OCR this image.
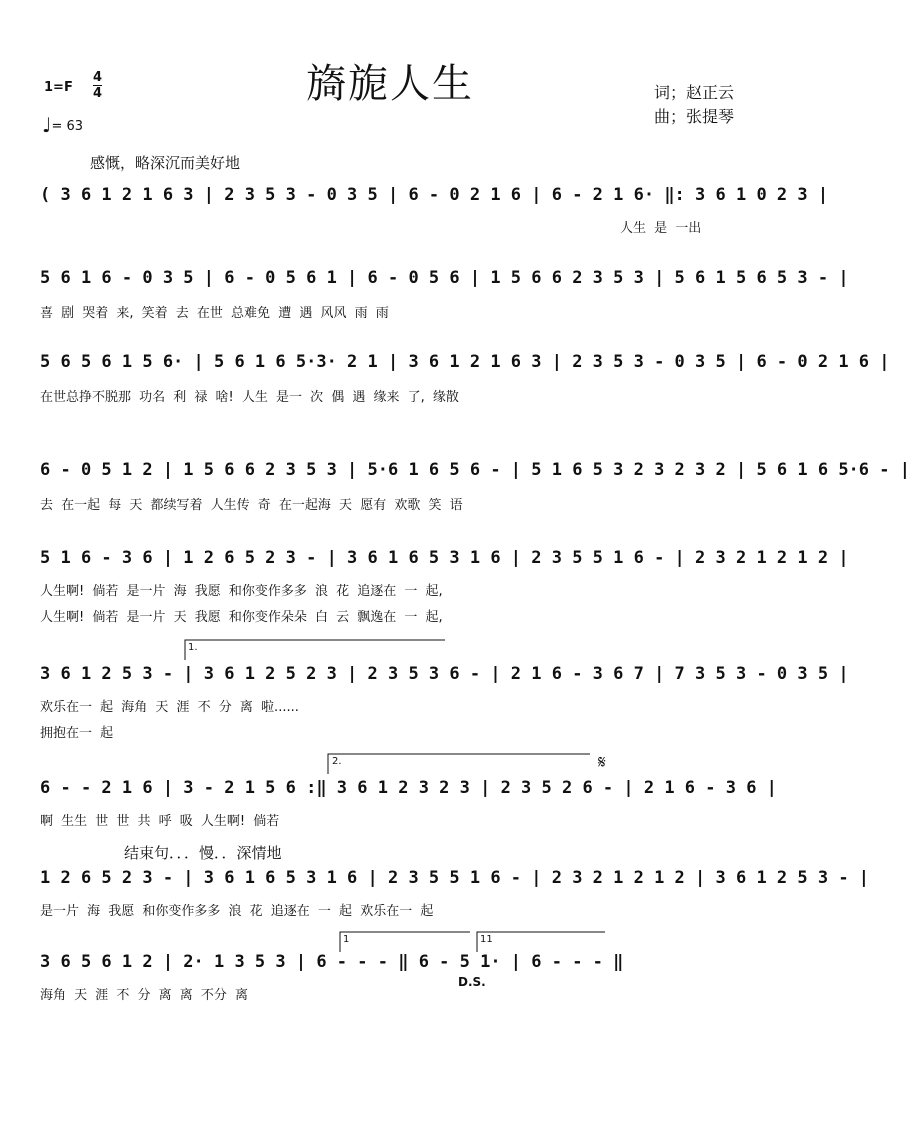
旖旎人生	词；赵正云
曲；张提琴
1=F
4
4
♩= 63
感慨，略深沉而美好地
( 3 6 1 2 1 6 3 | 2 3 5 3 - 0 3 5 | 6 - 0 2 1 6 | 6 - 2 1 6· ‖: 3 6 1 0 2 3 |
人生 是 一出
5 6 1 6 - 0 3 5 | 6 - 0 5 6 1 | 6 - 0 5 6 | 1 5 6 6 2 3 5 3 | 5 6 1 5 6 5 3 - |
喜 剧 哭着 来, 笑着 去 在世 总难免 遭 遇 风风 雨 雨
5 6 5 6 1 5 6· | 5 6 1 6 5·3· 2 1 | 3 6 1 2 1 6 3 | 2 3 5 3 - 0 3 5 | 6 - 0 2 1 6 |
在世总挣不脱那 功名 利 禄 啥! 人生 是一 次 偶 遇 缘来 了, 缘散
6 - 0 5 1 2 | 1 5 6 6 2 3 5 3 | 5·6 1 6 5 6 - | 5 1 6 5 3 2 3 2 3 2 | 5 6 1 6 5·6 - |
去 在一起 每 天 都续写着 人生传 奇 在一起海 天 愿有 欢歌 笑 语
5 1 6 - 3 6 | 1 2 6 5 2 3 - | 3 6 1 6 5 3 1 6 | 2 3 5 5 1 6 - | 2 3 2 1 2 1 2 |
人生啊! 倘若 是一片 海 我愿 和你变作多多 浪 花 追逐在 一 起,
人生啊! 倘若 是一片 天 我愿 和你变作朵朵 白 云 飘逸在 一 起,
1.
3 6 1 2 5 3 - | 3 6 1 2 5 2 3 | 2 3 5 3 6 - | 2 1 6 - 3 6 7 | 7 3 5 3 - 0 3 5 |
欢乐在一 起 海角 天 涯 不 分 离 啦......
拥抱在一 起
2.
6 - - 2 1 6 | 3 - 2 1 5 6 :‖ 3 6 1 2 3 2 3 | 2 3 5 2 6 - | 2 1 6 - 3 6 |
啊 生生 世 世 共 呼 吸 人生啊! 倘若
𝄋
结束句．．．慢．．深情地
1 2 6 5 2 3 - | 3 6 1 6 5 3 1 6 | 2 3 5 5 1 6 - | 2 3 2 1 2 1 2 | 3 6 1 2 5 3 - |
是一片 海 我愿 和你变作多多 浪 花 追逐在 一 起 欢乐在一 起
1	11
3 6 5 6 1 2 | 2· 1 3 5 3 | 6 - - - ‖ 6 - 5 1· | 6 - - - ‖
海角 天 涯 不 分 离 离 不分 离
D.S.
